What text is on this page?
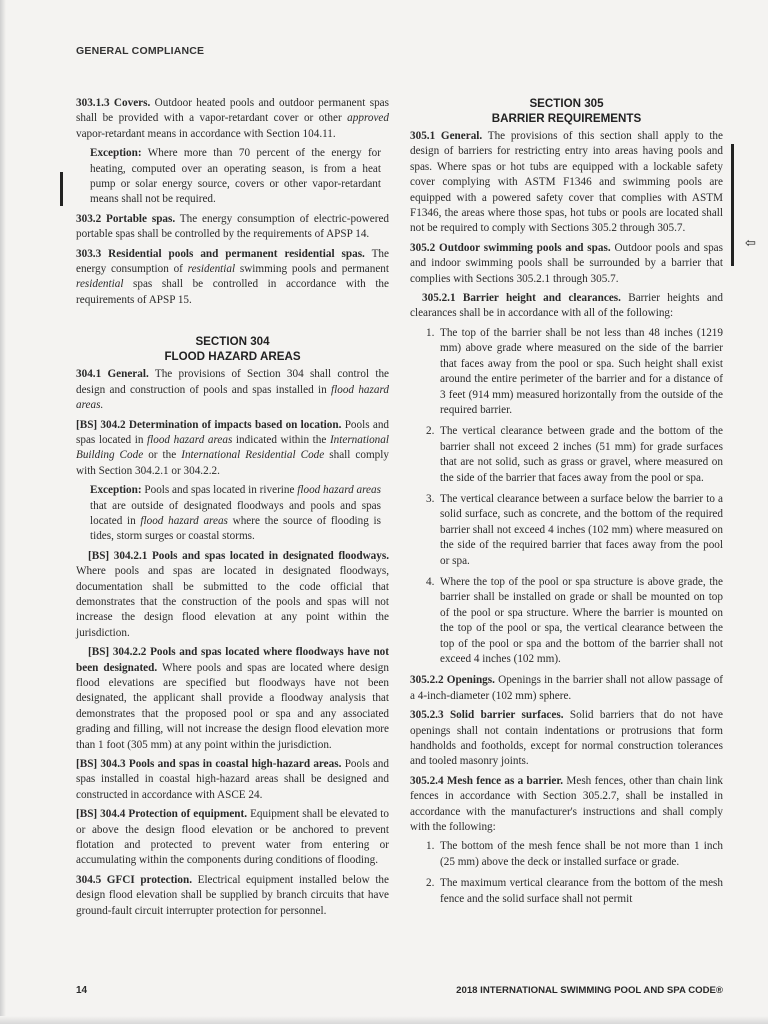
GENERAL COMPLIANCE

303.1.3 Covers. Outdoor heated pools and outdoor permanent spas shall be provided with a vapor-retardant cover or other approved vapor-retardant means in accordance with Section 104.11.

Exception: Where more than 70 percent of the energy for heating, computed over an operating season, is from a heat pump or solar energy source, covers or other vapor-retardant means shall not be required.

303.2 Portable spas. The energy consumption of electric-powered portable spas shall be controlled by the requirements of APSP 14.

303.3 Residential pools and permanent residential spas. The energy consumption of residential swimming pools and permanent residential spas shall be controlled in accordance with the requirements of APSP 15.

SECTION 304
FLOOD HAZARD AREAS

304.1 General. The provisions of Section 304 shall control the design and construction of pools and spas installed in flood hazard areas.

[BS] 304.2 Determination of impacts based on location. Pools and spas located in flood hazard areas indicated within the International Building Code or the International Residential Code shall comply with Section 304.2.1 or 304.2.2.

Exception: Pools and spas located in riverine flood hazard areas that are outside of designated floodways and pools and spas located in flood hazard areas where the source of flooding is tides, storm surges or coastal storms.

[BS] 304.2.1 Pools and spas located in designated floodways. Where pools and spas are located in designated floodways, documentation shall be submitted to the code official that demonstrates that the construction of the pools and spas will not increase the design flood elevation at any point within the jurisdiction.

[BS] 304.2.2 Pools and spas located where floodways have not been designated. Where pools and spas are located where design flood elevations are specified but floodways have not been designated, the applicant shall provide a floodway analysis that demonstrates that the proposed pool or spa and any associated grading and filling, will not increase the design flood elevation more than 1 foot (305 mm) at any point within the jurisdiction.

[BS] 304.3 Pools and spas in coastal high-hazard areas. Pools and spas installed in coastal high-hazard areas shall be designed and constructed in accordance with ASCE 24.

[BS] 304.4 Protection of equipment. Equipment shall be elevated to or above the design flood elevation or be anchored to prevent flotation and protected to prevent water from entering or accumulating within the components during conditions of flooding.

304.5 GFCI protection. Electrical equipment installed below the design flood elevation shall be supplied by branch circuits that have ground-fault circuit interrupter protection for personnel.

SECTION 305
BARRIER REQUIREMENTS

305.1 General. The provisions of this section shall apply to the design of barriers for restricting entry into areas having pools and spas. Where spas or hot tubs are equipped with a lockable safety cover complying with ASTM F1346 and swimming pools are equipped with a powered safety cover that complies with ASTM F1346, the areas where those spas, hot tubs or pools are located shall not be required to comply with Sections 305.2 through 305.7.

305.2 Outdoor swimming pools and spas. Outdoor pools and spas and indoor swimming pools shall be surrounded by a barrier that complies with Sections 305.2.1 through 305.7.

305.2.1 Barrier height and clearances. Barrier heights and clearances shall be in accordance with all of the following:

1. The top of the barrier shall be not less than 48 inches (1219 mm) above grade where measured on the side of the barrier that faces away from the pool or spa. Such height shall exist around the entire perimeter of the barrier and for a distance of 3 feet (914 mm) measured horizontally from the outside of the required barrier.
2. The vertical clearance between grade and the bottom of the barrier shall not exceed 2 inches (51 mm) for grade surfaces that are not solid, such as grass or gravel, where measured on the side of the barrier that faces away from the pool or spa.
3. The vertical clearance between a surface below the barrier to a solid surface, such as concrete, and the bottom of the required barrier shall not exceed 4 inches (102 mm) where measured on the side of the required barrier that faces away from the pool or spa.
4. Where the top of the pool or spa structure is above grade, the barrier shall be installed on grade or shall be mounted on top of the pool or spa structure. Where the barrier is mounted on the top of the pool or spa, the vertical clearance between the top of the pool or spa and the bottom of the barrier shall not exceed 4 inches (102 mm).

305.2.2 Openings. Openings in the barrier shall not allow passage of a 4-inch-diameter (102 mm) sphere.

305.2.3 Solid barrier surfaces. Solid barriers that do not have openings shall not contain indentations or protrusions that form handholds and footholds, except for normal construction tolerances and tooled masonry joints.

305.2.4 Mesh fence as a barrier. Mesh fences, other than chain link fences in accordance with Section 305.2.7, shall be installed in accordance with the manufacturer's instructions and shall comply with the following:

1. The bottom of the mesh fence shall be not more than 1 inch (25 mm) above the deck or installed surface or grade.
2. The maximum vertical clearance from the bottom of the mesh fence and the solid surface shall not permit
⇦
14	2018 INTERNATIONAL SWIMMING POOL AND SPA CODE®
